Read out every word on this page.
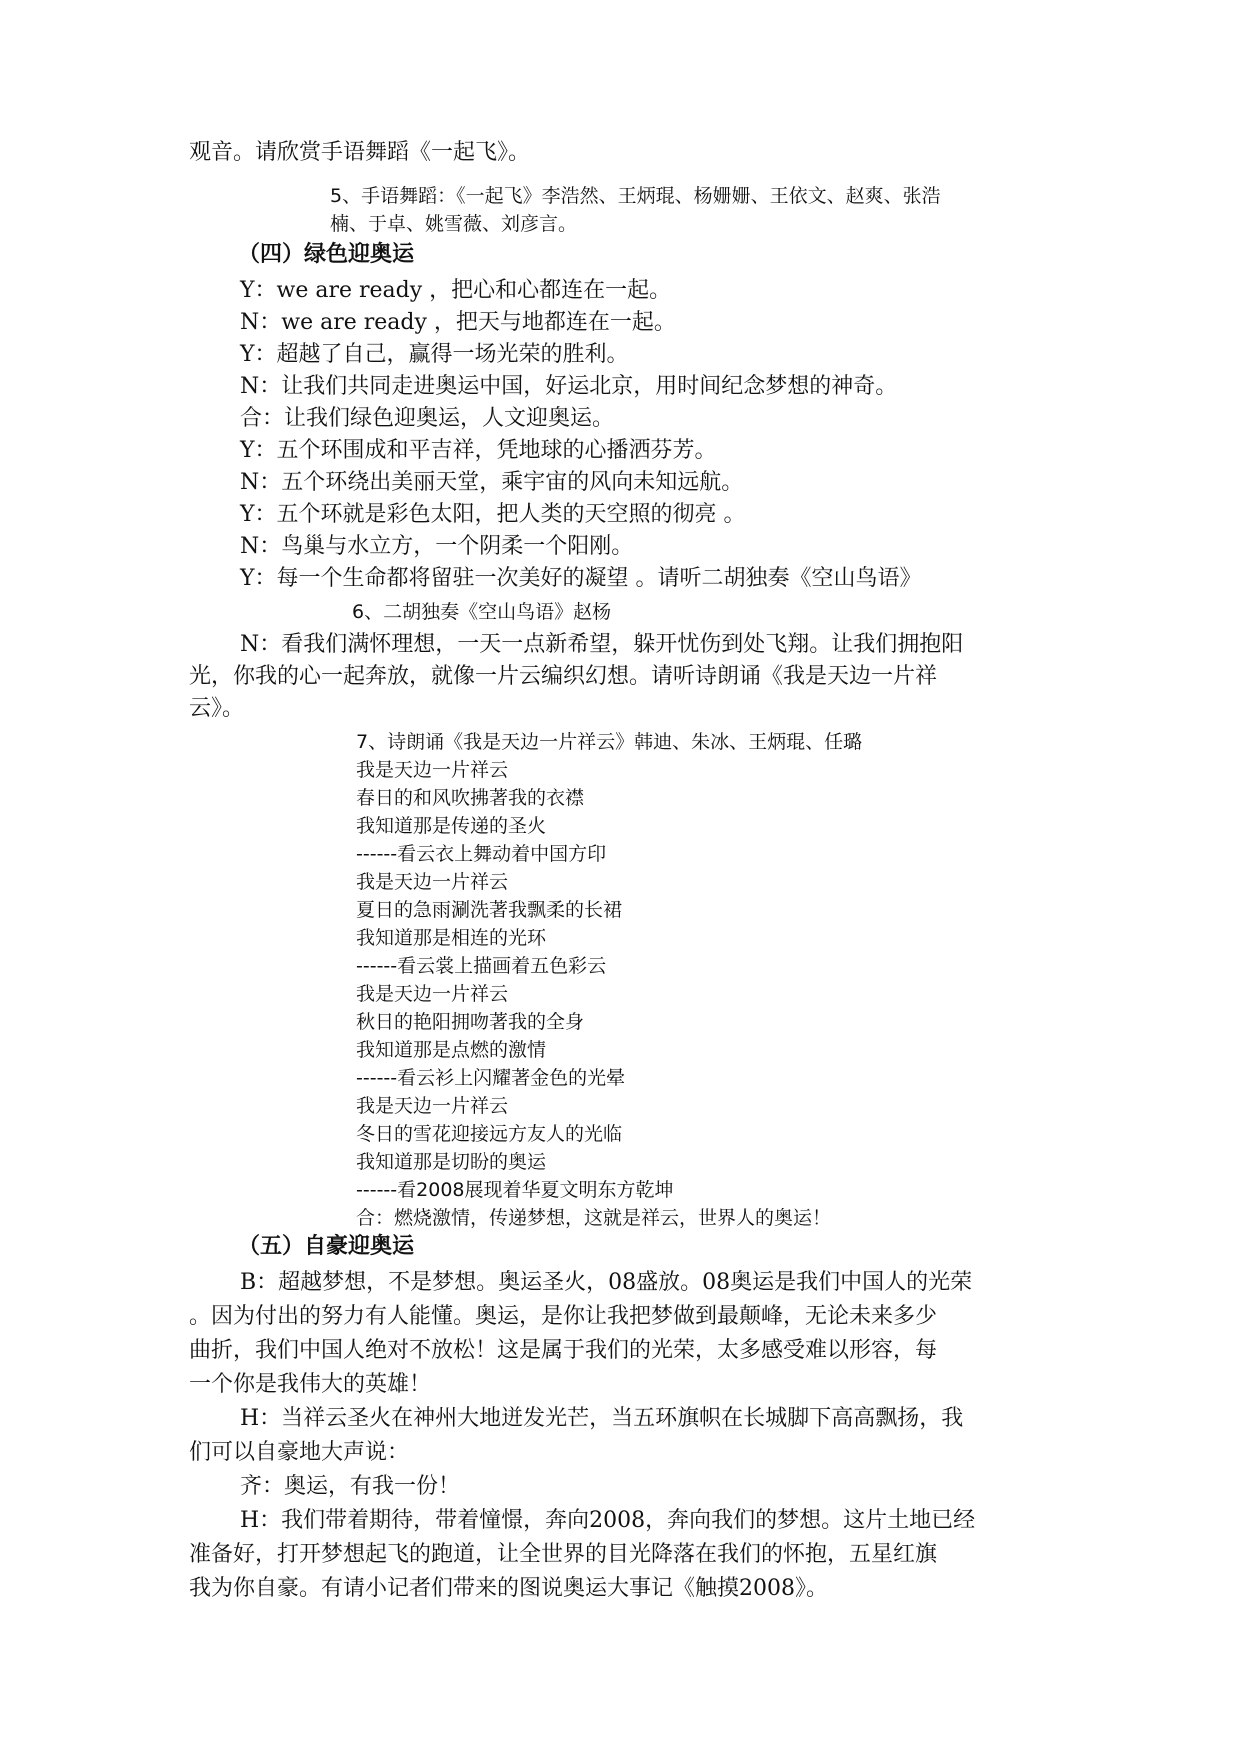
观音。请欣赏手语舞蹈《一起飞》。

5、手语舞蹈：《一起飞》李浩然、王炳琨、杨姗姗、王依文、赵爽、张浩

楠、于卓、姚雪薇、刘彦言。

（四）绿色迎奥运

Y：we are ready ，把心和心都连在一起。

N：we are ready ，把天与地都连在一起。

Y：超越了自己，赢得一场光荣的胜利。

N：让我们共同走进奥运中国，好运北京，用时间纪念梦想的神奇。

合：让我们绿色迎奥运，人文迎奥运。

Y：五个环围成和平吉祥，凭地球的心播洒芬芳。

N：五个环绕出美丽天堂，乘宇宙的风向未知远航。

Y：五个环就是彩色太阳，把人类的天空照的彻亮 。

N：鸟巢与水立方，一个阴柔一个阳刚。

Y：每一个生命都将留驻一次美好的凝望 。请听二胡独奏《空山鸟语》

6、二胡独奏《空山鸟语》赵杨

N：看我们满怀理想，一天一点新希望，躲开忧伤到处飞翔。让我们拥抱阳

光，你我的心一起奔放，就像一片云编织幻想。请听诗朗诵《我是天边一片祥

云》。

7、诗朗诵《我是天边一片祥云》韩迪、朱冰、王炳琨、任璐

我是天边一片祥云

春日的和风吹拂著我的衣襟

我知道那是传递的圣火

------看云衣上舞动着中国方印

我是天边一片祥云

夏日的急雨涮洗著我飘柔的长裙

我知道那是相连的光环

------看云裳上描画着五色彩云

我是天边一片祥云

秋日的艳阳拥吻著我的全身

我知道那是点燃的激情

------看云衫上闪耀著金色的光晕

我是天边一片祥云

冬日的雪花迎接远方友人的光临

我知道那是切盼的奥运

------看2008展现着华夏文明东方乾坤

合：燃烧激情，传递梦想，这就是祥云，世界人的奥运！

（五）自豪迎奥运

B：超越梦想，不是梦想。奥运圣火，08盛放。08奥运是我们中国人的光荣

。因为付出的努力有人能懂。奥运，是你让我把梦做到最颠峰，无论未来多少

曲折，我们中国人绝对不放松！这是属于我们的光荣，太多感受难以形容，每

一个你是我伟大的英雄！

H：当祥云圣火在神州大地迸发光芒，当五环旗帜在长城脚下高高飘扬，我

们可以自豪地大声说：

齐：奥运，有我一份！

H：我们带着期待，带着憧憬，奔向2008，奔向我们的梦想。这片土地已经

准备好，打开梦想起飞的跑道，让全世界的目光降落在我们的怀抱，五星红旗

我为你自豪。有请小记者们带来的图说奥运大事记《触摸2008》。
